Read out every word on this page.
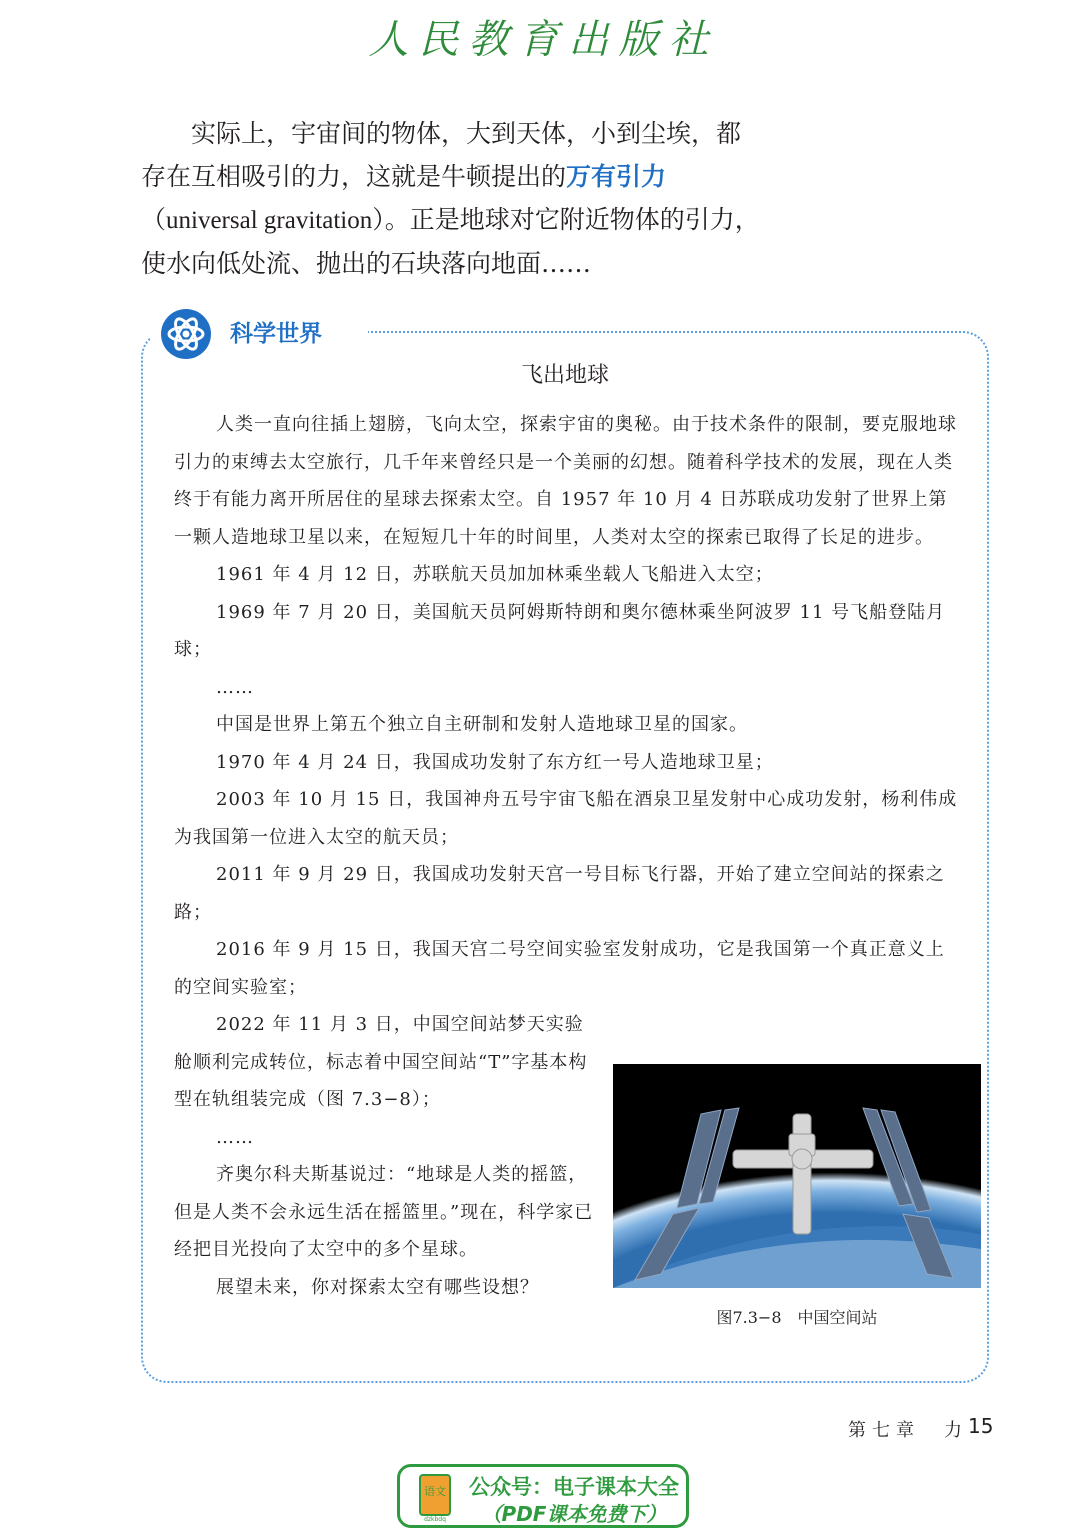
人民教育出版社

实际上，宇宙间的物体，大到天体，小到尘埃，都存在互相吸引的力，这就是牛顿提出的万有引力（universal gravitation）。正是地球对它附近物体的引力，使水向低处流、抛出的石块落向地面……

科学世界
飞出地球

人类一直向往插上翅膀，飞向太空，探索宇宙的奥秘。由于技术条件的限制，要克服地球引力的束缚去太空旅行，几千年来曾经只是一个美丽的幻想。随着科学技术的发展，现在人类终于有能力离开所居住的星球去探索太空。自 1957 年 10 月 4 日苏联成功发射了世界上第一颗人造地球卫星以来，在短短几十年的时间里，人类对太空的探索已取得了长足的进步。

1961 年 4 月 12 日，苏联航天员加加林乘坐载人飞船进入太空；

1969 年 7 月 20 日，美国航天员阿姆斯特朗和奥尔德林乘坐阿波罗 11 号飞船登陆月球；

……

中国是世界上第五个独立自主研制和发射人造地球卫星的国家。

1970 年 4 月 24 日，我国成功发射了东方红一号人造地球卫星；

2003 年 10 月 15 日，我国神舟五号宇宙飞船在酒泉卫星发射中心成功发射，杨利伟成为我国第一位进入太空的航天员；

2011 年 9 月 29 日，我国成功发射天宫一号目标飞行器，开始了建立空间站的探索之路；

2016 年 9 月 15 日，我国天宫二号空间实验室发射成功，它是我国第一个真正意义上的空间实验室；

2022 年 11 月 3 日，中国空间站梦天实验舱顺利完成转位，标志着中国空间站“T”字基本构型在轨组装完成（图 7.3−8）；

……

齐奥尔科夫斯基说过：“地球是人类的摇篮，但是人类不会永远生活在摇篮里。”现在，科学家已经把目光投向了太空中的多个星球。

展望未来，你对探索太空有哪些设想？

图7.3−8　中国空间站
第七章　力 15
语文
dzkbdq
公众号：电子课本大全
（PDF课本免费下）
